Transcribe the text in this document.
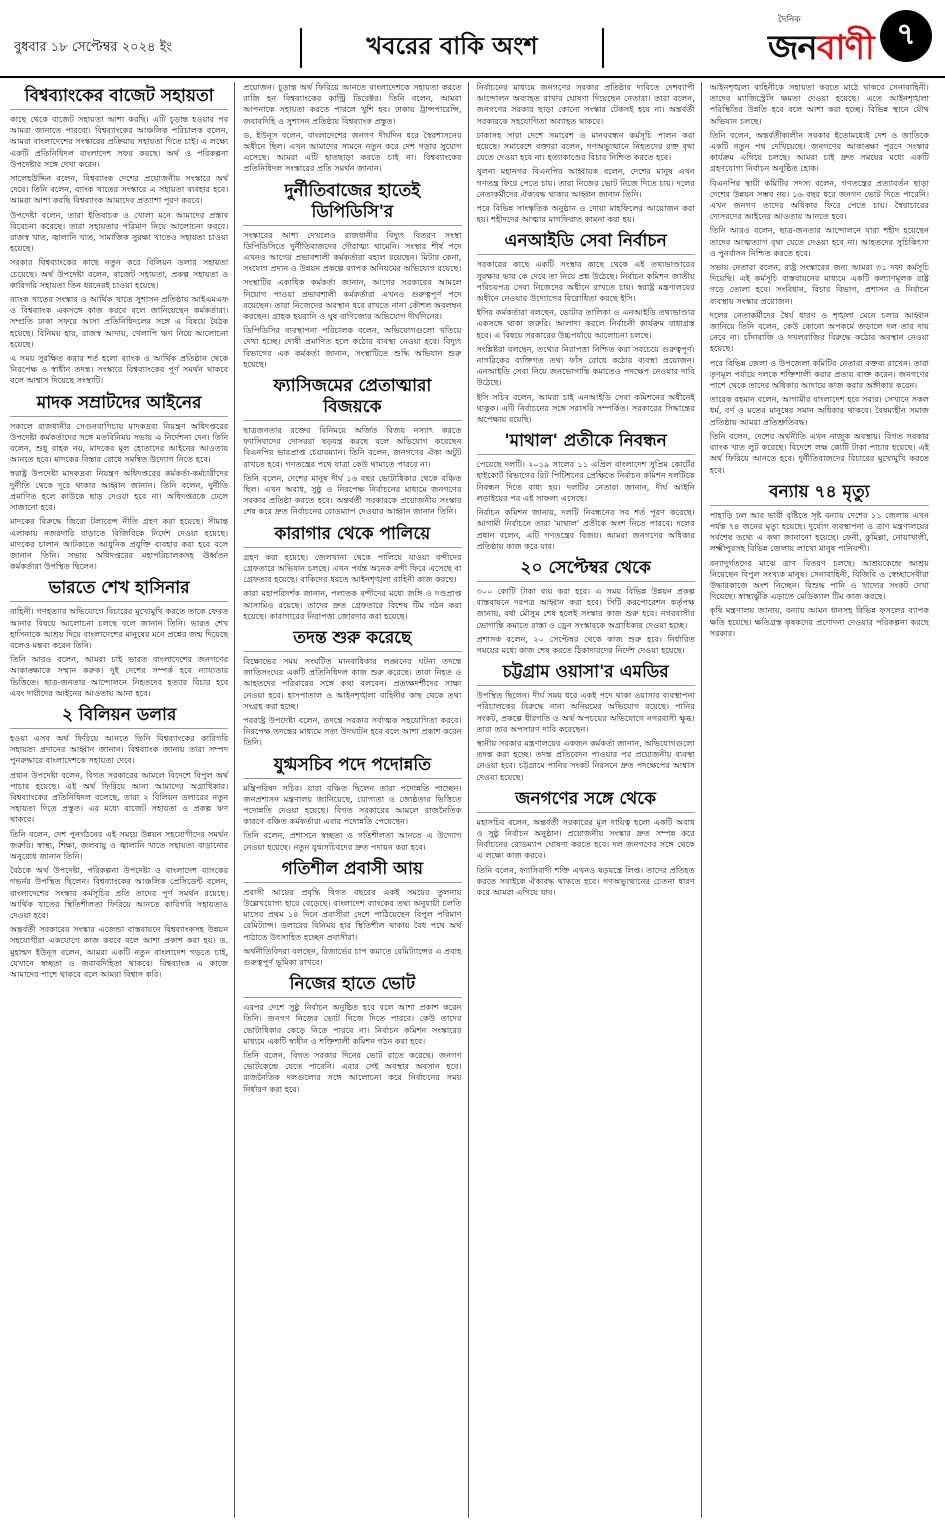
বুধবার ১৮ সেপ্টেম্বর ২০২৪ ইং	খবরের বাকি অংশ
দৈনিক
জনবাণী ৭
বিশ্বব্যাংকের বাজেট সহায়তা

কাছে থেকে বাজেট সহায়তা আশা করছি। এটি চূড়ান্ত হওয়ার পর আমরা জানাতে পারবো। বিশ্বব্যাংকের আঞ্চলিক পরিচালক বলেন, আমরা বাংলাদেশের সংস্কারের প্রক্রিয়ায় সহায়তা দিতে চাই। এ লক্ষ্যে একটি প্রতিনিধিদল বাংলাদেশ সফর করছে। অর্থ ও পরিকল্পনা উপদেষ্টার সঙ্গে দেখা করেন।

সালেহউদ্দিন বলেন, বিশ্বব্যাংক দেশের প্রয়োজনীয় সংস্কারে অর্থ দেবে। তিনি বলেন, ব্যাংক খাতের সংস্কারে এ সহায়তা ব্যবহার হবে। আমরা আশা করছি বিশ্বব্যাংক আমাদের প্রত্যাশা পূরণ করবে।

উপদেষ্টা বলেন, তারা ইতিবাচক ও খোলা মনে আমাদের প্রস্তাব বিবেচনা করেছে। তারা সহায়তার পরিমাণ নিয়ে আলোচনা করবে। রাজস্ব খাত, জ্বালানি খাত, সামাজিক সুরক্ষা খাতেও সহায়তা চাওয়া হয়েছে।

সরকার বিশ্বব্যাংকের কাছে নতুন করে বিলিয়ন ডলার সহায়তা চেয়েছে। অর্থ উপদেষ্টা বলেন, বাজেট সহায়তা, প্রকল্প সহায়তা ও কারিগরি সহায়তা তিন ধরনেরই চাওয়া হয়েছে।

ব্যাংক খাতের সংস্কার ও আর্থিক খাতে সুশাসন প্রতিষ্ঠায় আইএমএফ ও বিশ্বব্যাংক একসঙ্গে কাজ করবে বলে জানিয়েছেন কর্মকর্তারা। সম্প্রতি ঢাকা সফরে আসা প্রতিনিধিদলের সঙ্গে এ বিষয়ে বৈঠক হয়েছে। বিনিময় হার, রাজস্ব আদায়, খেলাপি ঋণ নিয়ে আলোচনা হয়েছে।

এ সময় সুরক্ষিত করার শর্ত হলো ব্যাংক ও আর্থিক প্রতিষ্ঠান থেকে নিরপেক্ষ ও স্বাধীন তদন্ত। সংস্কারে বিশ্বব্যাংকের পূর্ণ সমর্থন থাকবে বলে আশ্বাস দিয়েছে সংস্থাটি।

মাদক সম্রাটদের আইনের

সকালে রাজধানীর সেগুনবাগিচায় মাদকদ্রব্য নিয়ন্ত্রণ অধিদপ্তরের উপদেষ্টা কর্মকর্তাদের সঙ্গে মতবিনিময় সভায় এ নির্দেশনা দেন। তিনি বলেন, শুধু বাহক নয়, মাদকের মূল হোতাদের আইনের আওতায় আনতে হবে। মাদকের বিস্তার রোধে সমন্বিত উদ্যোগ নিতে হবে।

স্বরাষ্ট্র উপদেষ্টা মাদকদ্রব্য নিয়ন্ত্রণ অধিদপ্তরের কর্মকর্তা-কর্মচারীদের দুর্নীতি থেকে দূরে থাকার আহ্বান জানান। তিনি বলেন, দুর্নীতি প্রমাণিত হলে কাউকে ছাড় দেওয়া হবে না। অধিদপ্তরকে ঢেলে সাজানো হবে।

মাদকের বিরুদ্ধে জিরো টলারেন্স নীতি গ্রহণ করা হয়েছে। সীমান্ত এলাকায় নজরদারি বাড়াতে বিজিবিকে নির্দেশ দেওয়া হয়েছে। মাদকের চালান আটকাতে আধুনিক প্রযুক্তি ব্যবহার করা হবে বলে জানান তিনি। সভায় অধিদপ্তরের মহাপরিচালকসহ ঊর্ধ্বতন কর্মকর্তারা উপস্থিত ছিলেন।

ভারতে শেখ হাসিনার

বাহিনী। গণহত্যার অভিযোগে বিচারের মুখোমুখি করতে তাকে ফেরত আনার বিষয়ে আলোচনা চলছে বলে জানান তিনি। ভারত শেখ হাসিনাকে আশ্রয় দিয়ে বাংলাদেশের মানুষের মনে প্রশ্নের জন্ম দিয়েছে বলেও মন্তব্য করেন তিনি।

তিনি আরও বলেন, আমরা চাই ভারত বাংলাদেশের জনগণের আকাঙ্ক্ষাকে সম্মান করুক। দুই দেশের সম্পর্ক হবে ন্যায্যতার ভিত্তিতে। ছাত্র-জনতার আন্দোলনে নিহতদের হত্যার বিচার হবে এবং দায়ীদের আইনের আওতায় আনা হবে।

২ বিলিয়ন ডলার

হওয়া এসব অর্থ ফিরিয়ে আনতে তিনি বিশ্বব্যাংকের কারিগরি সহায়তা প্রদানের আহ্বান জানান। বিশ্বব্যাংক জানায় তারা সম্পদ পুনরুদ্ধারে বাংলাদেশকে সহায়তা দেবে।

প্রধান উপদেষ্টা বলেন, বিগত সরকারের আমলে বিদেশে বিপুল অর্থ পাচার হয়েছে। এই অর্থ ফিরিয়ে আনা আমাদের অগ্রাধিকার। বিশ্বব্যাংকের প্রতিনিধিদল বলেছে, তারা ২ বিলিয়ন ডলারের নতুন সহায়তা দিতে প্রস্তুত। এর মধ্যে বাজেট সহায়তা ও প্রকল্প ঋণ থাকবে।

তিনি বলেন, দেশ পুনর্গঠনের এই সময়ে উন্নয়ন সহযোগীদের সমর্থন জরুরি। স্বাস্থ্য, শিক্ষা, জলবায়ু ও জ্বালানি খাতে সহায়তা বাড়ানোর অনুরোধ জানান তিনি।

বৈঠকে অর্থ উপদেষ্টা, পরিকল্পনা উপদেষ্টা ও বাংলাদেশ ব্যাংকের গভর্নর উপস্থিত ছিলেন। বিশ্বব্যাংকের আঞ্চলিক প্রেসিডেন্ট বলেন, বাংলাদেশের সংস্কার কর্মসূচির প্রতি তাদের পূর্ণ সমর্থন রয়েছে। আর্থিক খাতের স্থিতিশীলতা ফিরিয়ে আনতে কারিগরি সহায়তাও দেওয়া হবে।

অন্তর্বর্তী সরকারের সংস্কার এজেন্ডা বাস্তবায়নে বিশ্বব্যাংকসহ উন্নয়ন সহযোগীরা একযোগে কাজ করবে বলে আশা প্রকাশ করা হয়। ড. মুহাম্মদ ইউনূস বলেন, আমরা একটি নতুন বাংলাদেশ গড়তে চাই, যেখানে স্বচ্ছতা ও জবাবদিহিতা থাকবে। বিশ্বব্যাংক এ কাজে আমাদের পাশে থাকবে বলে আমরা বিশ্বাস করি।

প্রয়োজন। চূড়ান্ত অর্থ ফিরিয়ে আনতে বাংলাদেশকে সহায়তা করতে রাজি হন বিশ্বব্যাংকের কান্ট্রি ডিরেক্টর। তিনি বলেন, আমরা আপনাকে সহায়তা করতে পারলে খুশি হব। ঢাকায় ট্রান্সপারেন্সি, জবাবদিহি ও সুশাসন প্রতিষ্ঠায় বিশ্বব্যাংক প্রস্তুত।

ড. ইউনূস বলেন, বাংলাদেশের জনগণ দীর্ঘদিন ধরে স্বৈরশাসনের অধীনে ছিল। এখন আমাদের সামনে নতুন করে দেশ গড়ার সুযোগ এসেছে। আমরা এটি হাতছাড়া করতে চাই না। বিশ্বব্যাংকের প্রতিনিধিদল সংস্কারের প্রতি সমর্থন জানান।

দুর্নীতিবাজের হাতেই ডিপিডিসি'র

সংস্কারের আশা দেখলেও রাজধানীর বিদ্যুৎ বিতরণ সংস্থা ডিপিডিসিতে দুর্নীতিবাজদের দৌরাত্ম্য থামেনি। সংস্থার শীর্ষ পদে এখনও আগের প্রভাবশালী কর্মকর্তারা বহাল রয়েছেন। মিটার কেনা, সংযোগ প্রদান ও উন্নয়ন প্রকল্পে ব্যাপক অনিয়মের অভিযোগ রয়েছে।

সংস্থাটির একাধিক কর্মকর্তা জানান, আগের সরকারের আমলে নিয়োগ পাওয়া প্রভাবশালী কর্মকর্তারা এখনও গুরুত্বপূর্ণ পদে রয়েছেন। তারা নিজেদের অবস্থান ধরে রাখতে নানা কৌশল অবলম্বন করছেন। গ্রাহক হয়রানি ও ঘুষ বাণিজ্যের অভিযোগ দীর্ঘদিনের।

ডিপিডিসির ব্যবস্থাপনা পরিচালক বলেন, অভিযোগগুলো খতিয়ে দেখা হচ্ছে। দোষী প্রমাণিত হলে কঠোর ব্যবস্থা নেওয়া হবে। বিদ্যুৎ বিভাগের এক কর্মকর্তা জানান, সংস্থাটিতে শুদ্ধি অভিযান শুরু হয়েছে।

ফ্যাসিজমের প্রেতাত্মারা বিজয়কে

ছাত্রজনতার রক্তের বিনিময়ে অর্জিত বিজয় নস্যাৎ করতে ফ্যাসিবাদের দোসররা ষড়যন্ত্র করছে বলে অভিযোগ করেছেন বিএনপির ভারপ্রাপ্ত চেয়ারম্যান। তিনি বলেন, জনগণের ঐক্য অটুট রাখতে হবে। গণতন্ত্রের পথে যাত্রা কেউ থামাতে পারবে না।

তিনি বলেন, দেশের মানুষ দীর্ঘ ১৬ বছর ভোটাধিকার থেকে বঞ্চিত ছিল। এখন অবাধ, সুষ্ঠু ও নিরপেক্ষ নির্বাচনের মাধ্যমে জনগণের সরকার প্রতিষ্ঠা করতে হবে। অন্তর্বর্তী সরকারকে প্রয়োজনীয় সংস্কার শেষ করে দ্রুত নির্বাচনের রোডম্যাপ দেওয়ার আহ্বান জানান তিনি।

কারাগার থেকে পালিয়ে

গ্রহণ করা হয়েছে। জেলখানা থেকে পালিয়ে যাওয়া বন্দীদের গ্রেফতারে অভিযান চলছে। এখন পর্যন্ত অনেক বন্দী ফিরে এসেছে বা গ্রেফতার হয়েছে। বাকিদের ধরতে আইনশৃঙ্খলা বাহিনী কাজ করছে।

কারা মহাপরিদর্শক জানান, পলাতক বন্দীদের মধ্যে জঙ্গি ও দণ্ডপ্রাপ্ত আসামিও রয়েছে। তাদের দ্রুত গ্রেফতারে বিশেষ টিম গঠন করা হয়েছে। কারাগারের নিরাপত্তা জোরদার করা হয়েছে।

তদন্ত শুরু করেছে

বিক্ষোভের সময় সংঘটিত মানবাধিকার লঙ্ঘনের ঘটনা তদন্তে জাতিসংঘের একটি প্রতিনিধিদল কাজ শুরু করেছে। তারা নিহত ও আহতদের পরিবারের সঙ্গে কথা বলবেন। প্রত্যক্ষদর্শীদের সাক্ষ্য নেওয়া হবে। হাসপাতাল ও আইনশৃঙ্খলা বাহিনীর কাছ থেকে তথ্য সংগ্রহ করা হচ্ছে।

পররাষ্ট্র উপদেষ্টা বলেন, তদন্তে সরকার সর্বাত্মক সহযোগিতা করবে। নিরপেক্ষ তদন্তের মাধ্যমে সত্য উদঘাটন হবে বলে আশা প্রকাশ করেন তিনি।

যুগ্মসচিব পদে পদোন্নতি

মন্ত্রিপরিষদ সচিব। যারা বঞ্চিত ছিলেন তারা পদোন্নতি পাচ্ছেন। জনপ্রশাসন মন্ত্রণালয় জানিয়েছে, যোগ্যতা ও জ্যেষ্ঠতার ভিত্তিতে পদোন্নতি দেওয়া হয়েছে। বিগত সরকারের আমলে রাজনৈতিক কারণে বঞ্চিত কর্মকর্তারা এবার পদোন্নতি পেয়েছেন।

তিনি বলেন, প্রশাসনে স্বচ্ছতা ও গতিশীলতা আনতে এ উদ্যোগ নেওয়া হয়েছে। নতুন যুগ্মসচিবদের দ্রুত পদায়ন করা হবে।

গতিশীল প্রবাসী আয়

প্রবাসী আয়ের প্রবৃদ্ধি বিগত বছরের একই সময়ের তুলনায় উল্লেখযোগ্য হারে বেড়েছে। বাংলাদেশ ব্যাংকের তথ্য অনুযায়ী চলতি মাসের প্রথম ১৪ দিনে প্রবাসীরা দেশে পাঠিয়েছেন বিপুল পরিমাণ রেমিট্যান্স। ডলারের বিনিময় হার স্থিতিশীল থাকায় বৈধ পথে অর্থ পাঠাতে উৎসাহিত হচ্ছেন প্রবাসীরা।

অর্থনীতিবিদরা বলছেন, রিজার্ভের চাপ কমাতে রেমিট্যান্সের এ প্রবাহ গুরুত্বপূর্ণ ভূমিকা রাখবে।

নিজের হাতে ভোট

এরপর দেশে সুষ্ঠু নির্বাচন অনুষ্ঠিত হবে বলে আশা প্রকাশ করেন তিনি। জনগণ নিজের ভোট নিজে দিতে পারবে। কেউ তাদের ভোটাধিকার কেড়ে নিতে পারবে না। নির্বাচন কমিশন সংস্কারের মাধ্যমে একটি স্বাধীন ও শক্তিশালী কমিশন গঠন করা হবে।

তিনি বলেন, বিগত সরকার দিনের ভোট রাতে করেছে। জনগণ ভোটকেন্দ্রে যেতে পারেনি। এবার সেই অবস্থার অবসান হবে। রাজনৈতিক দলগুলোর সঙ্গে আলোচনা করে নির্বাচনের সময় নির্ধারণ করা হবে।

নির্বাচনের মাধ্যমে জনগণের সরকার প্রতিষ্ঠার দাবিতে দেশব্যাপী আন্দোলন অব্যাহত রাখার ঘোষণা দিয়েছেন নেতারা। তারা বলেন, জনগণের সরকার ছাড়া কোনো সংস্কার টেকসই হবে না। অন্তর্বর্তী সরকারকে সহযোগিতা অব্যাহত থাকবে।

ঢাকাসহ সারা দেশে সমাবেশ ও মানববন্ধন কর্মসূচি পালন করা হয়েছে। সমাবেশে বক্তারা বলেন, গণঅভ্যুত্থানে নিহতদের রক্ত বৃথা যেতে দেওয়া হবে না। হত্যাকাণ্ডের বিচার নিশ্চিত করতে হবে।

খুলনা মহানগর বিএনপির আহ্বায়ক বলেন, দেশের মানুষ এখন গণতন্ত্র ফিরে পেতে চায়। তারা নিজের ভোট নিজে দিতে চায়। দলের নেতাকর্মীদের ঐক্যবদ্ধ থাকার আহ্বান জানান তিনি।

পরে বিভিন্ন সাংস্কৃতিক অনুষ্ঠান ও দোয়া মাহফিলের আয়োজন করা হয়। শহীদদের আত্মার মাগফিরাত কামনা করা হয়।

এনআইডি সেবা নির্বাচন

সরকারের কাছে একটি সংস্থার কাছে থেকে এই তথ্যভাণ্ডারের সুরক্ষার ভার কে দেবে তা নিয়ে প্রশ্ন উঠেছে। নির্বাচন কমিশন জাতীয় পরিচয়পত্র সেবা নিজেদের অধীনে রাখতে চায়। স্বরাষ্ট্র মন্ত্রণালয়ের অধীনে নেওয়ার উদ্যোগের বিরোধিতা করছে ইসি।

ইসির কর্মকর্তারা বলছেন, ভোটার তালিকা ও এনআইডি তথ্যভাণ্ডার একসঙ্গে থাকা জরুরি। আলাদা করলে নির্বাচনী কার্যক্রম বাধাগ্রস্ত হবে। এ বিষয়ে সরকারের উচ্চপর্যায়ে আলোচনা চলছে।

সংশ্লিষ্টরা বলছেন, তথ্যের নিরাপত্তা নিশ্চিত করা সবচেয়ে গুরুত্বপূর্ণ। নাগরিকের ব্যক্তিগত তথ্য ফাঁস রোধে কঠোর ব্যবস্থা প্রয়োজন। এনআইডি সেবা নিয়ে জনভোগান্তি কমাতেও পদক্ষেপ নেওয়ার দাবি উঠেছে।

ইসি সচিব বলেন, আমরা চাই এনআইডি সেবা কমিশনের অধীনেই থাকুক। এটি নির্বাচনের সঙ্গে সরাসরি সম্পর্কিত। সরকারের সিদ্ধান্তের অপেক্ষায় রয়েছি।

'মাথাল' প্রতীকে নিবন্ধন

পেয়েছে দলটি। ২০১৯ সালের ১১ এপ্রিল বাংলাদেশ সুপ্রিম কোর্টের হাইকোর্ট বিভাগের রিট পিটিশনের প্রেক্ষিতে নির্বাচন কমিশন দলটিকে নিবন্ধন দিতে বাধ্য হয়। দলটির নেতারা জানান, দীর্ঘ আইনি লড়াইয়ের পর এই সাফল্য এসেছে।

নির্বাচন কমিশন জানায়, দলটি নিবন্ধনের সব শর্ত পূরণ করেছে। আগামী নির্বাচনে তারা 'মাথাল' প্রতীকে অংশ নিতে পারবে। দলের প্রধান বলেন, এটি গণতন্ত্রের বিজয়। আমরা জনগণের অধিকার প্রতিষ্ঠায় কাজ করে যাব।

২০ সেপ্টেম্বর থেকে

৩০০ কোটি টাকা ব্যয় করা হবে। এ সময় বিভিন্ন উন্নয়ন প্রকল্প বাস্তবায়নে দরপত্র আহ্বান করা হবে। সিটি করপোরেশন কর্তৃপক্ষ জানায়, বর্ষা মৌসুম শেষ হলেই সংস্কার কাজ শুরু হবে। নগরবাসীর ভোগান্তি কমাতে রাস্তা ও ড্রেন সংস্কারকে অগ্রাধিকার দেওয়া হচ্ছে।

প্রশাসক বলেন, ২০ সেপ্টেম্বর থেকে কাজ শুরু হবে। নির্ধারিত সময়ের মধ্যে কাজ শেষ করতে ঠিকাদারদের নির্দেশ দেওয়া হয়েছে।

চট্টগ্রাম ওয়াসা'র এমডির

উপস্থিত ছিলেন। দীর্ঘ সময় ধরে একই পদে থাকা ওয়াসার ব্যবস্থাপনা পরিচালকের বিরুদ্ধে নানা অনিয়মের অভিযোগ রয়েছে। পানির সংকট, প্রকল্পে ধীরগতি ও অর্থ অপচয়ের অভিযোগে নগরবাসী ক্ষুব্ধ। তারা তার অপসারণ দাবি করেছেন।

স্থানীয় সরকার মন্ত্রণালয়ের একজন কর্মকর্তা জানান, অভিযোগগুলো তদন্ত করা হচ্ছে। তদন্ত প্রতিবেদন পাওয়ার পর প্রয়োজনীয় ব্যবস্থা নেওয়া হবে। চট্টগ্রামে পানির সংকট নিরসনে দ্রুত পদক্ষেপের আশ্বাস দেওয়া হয়েছে।

জনগণের সঙ্গে থেকে

মহাসচিব বলেন, অন্তর্বর্তী সরকারের মূল দায়িত্ব হলো একটি অবাধ ও সুষ্ঠু নির্বাচন অনুষ্ঠান। প্রয়োজনীয় সংস্কার দ্রুত সম্পন্ন করে নির্বাচনের রোডম্যাপ ঘোষণা করতে হবে। দল জনগণের সঙ্গে থেকে এ লক্ষ্যে কাজ করবে।

তিনি বলেন, ফ্যাসিবাদী শক্তি এখনও ষড়যন্ত্রে লিপ্ত। তাদের প্রতিহত করতে সবাইকে ঐক্যবদ্ধ থাকতে হবে। গণঅভ্যুত্থানের চেতনা ধারণ করে আমরা এগিয়ে যাব।

আইনশৃঙ্খলা বাহিনীকে সহায়তা করতে মাঠে থাকবে সেনাবাহিনী। তাদের ম্যাজিস্ট্রেসি ক্ষমতা দেওয়া হয়েছে। এতে আইনশৃঙ্খলা পরিস্থিতির উন্নতি হবে বলে আশা করা হচ্ছে। বিভিন্ন স্থানে যৌথ অভিযান চলছে।

তিনি বলেন, অন্তর্বর্তীকালীন সরকার ইতোমধ্যেই দেশ ও জাতিকে একটি নতুন পথ দেখিয়েছে। জনগণের আকাঙ্ক্ষা পূরণে সংস্কার কার্যক্রম এগিয়ে চলছে। আমরা চাই দ্রুত সময়ের মধ্যে একটি গ্রহণযোগ্য নির্বাচন অনুষ্ঠিত হোক।

বিএনপির স্থায়ী কমিটির সদস্য বলেন, গণতন্ত্রের প্রত্যাবর্তন ছাড়া দেশের উন্নয়ন সম্ভব নয়। ১৬ বছর ধরে জনগণ ভোট দিতে পারেনি। এখন জনগণ তাদের অধিকার ফিরে পেতে চায়। স্বৈরাচারের দোসরদের আইনের আওতায় আনতে হবে।

তিনি আরও বলেন, ছাত্র-জনতার আন্দোলনে যারা শহীদ হয়েছেন তাদের আত্মত্যাগ বৃথা যেতে দেওয়া হবে না। আহতদের সুচিকিৎসা ও পুনর্বাসন নিশ্চিত করতে হবে।

সভায় নেতারা বলেন, রাষ্ট্র সংস্কারের জন্য আমরা ৩১ দফা কর্মসূচি দিয়েছি। এই কর্মসূচি বাস্তবায়নের মাধ্যমে একটি কল্যাণমূলক রাষ্ট্র গড়ে তোলা হবে। সংবিধান, বিচার বিভাগ, প্রশাসন ও নির্বাচন ব্যবস্থায় সংস্কার প্রয়োজন।

দলের নেতাকর্মীদের ধৈর্য ধারণ ও শৃঙ্খলা মেনে চলার আহ্বান জানিয়ে তিনি বলেন, কেউ কোনো অপকর্মে জড়ালে দল তার দায় নেবে না। চাঁদাবাজি ও দখলবাজির বিরুদ্ধে কঠোর অবস্থান নেওয়া হয়েছে।

পরে বিভিন্ন জেলা ও উপজেলা কমিটির নেতারা বক্তব্য রাখেন। তারা তৃণমূল পর্যায়ে দলকে শক্তিশালী করার প্রত্যয় ব্যক্ত করেন। জনগণের পাশে থেকে তাদের অধিকার আদায়ে কাজ করার অঙ্গীকার করেন।

তারেক রহমান বলেন, আগামীর বাংলাদেশ হবে সবার। সেখানে সকল ধর্ম, বর্ণ ও মতের মানুষের সমান অধিকার থাকবে। বৈষম্যহীন সমাজ প্রতিষ্ঠায় আমরা প্রতিশ্রুতিবদ্ধ।

তিনি বলেন, দেশের অর্থনীতি এখন নাজুক অবস্থায়। বিগত সরকার ব্যাংক খাত লুট করেছে। বিদেশে লক্ষ কোটি টাকা পাচার হয়েছে। এই অর্থ ফিরিয়ে আনতে হবে। দুর্নীতিবাজদের বিচারের মুখোমুখি করতে হবে।

বন্যায় ৭৪ মৃত্যু

পাহাড়ি ঢল আর ভারী বৃষ্টিতে সৃষ্ট বন্যায় দেশের ১১ জেলায় এখন পর্যন্ত ৭৪ জনের মৃত্যু হয়েছে। দুর্যোগ ব্যবস্থাপনা ও ত্রাণ মন্ত্রণালয়ের সর্বশেষ তথ্যে এ কথা জানানো হয়েছে। ফেনী, কুমিল্লা, নোয়াখালী, লক্ষ্মীপুরসহ বিভিন্ন জেলায় লাখো মানুষ পানিবন্দী।

বন্যাদুর্গতদের মাঝে ত্রাণ বিতরণ চলছে। আশ্রয়কেন্দ্রে আশ্রয় নিয়েছেন বিপুল সংখ্যক মানুষ। সেনাবাহিনী, বিজিবি ও স্বেচ্ছাসেবীরা উদ্ধারকাজে অংশ নিচ্ছেন। বিশুদ্ধ পানি ও খাদ্যের সংকট দেখা দিয়েছে। স্বাস্থ্যঝুঁকি এড়াতে মেডিক্যাল টিম কাজ করছে।

কৃষি মন্ত্রণালয় জানায়, বন্যায় আমন ধানসহ বিভিন্ন ফসলের ব্যাপক ক্ষতি হয়েছে। ক্ষতিগ্রস্ত কৃষকদের প্রণোদনা দেওয়ার পরিকল্পনা করছে সরকার।
